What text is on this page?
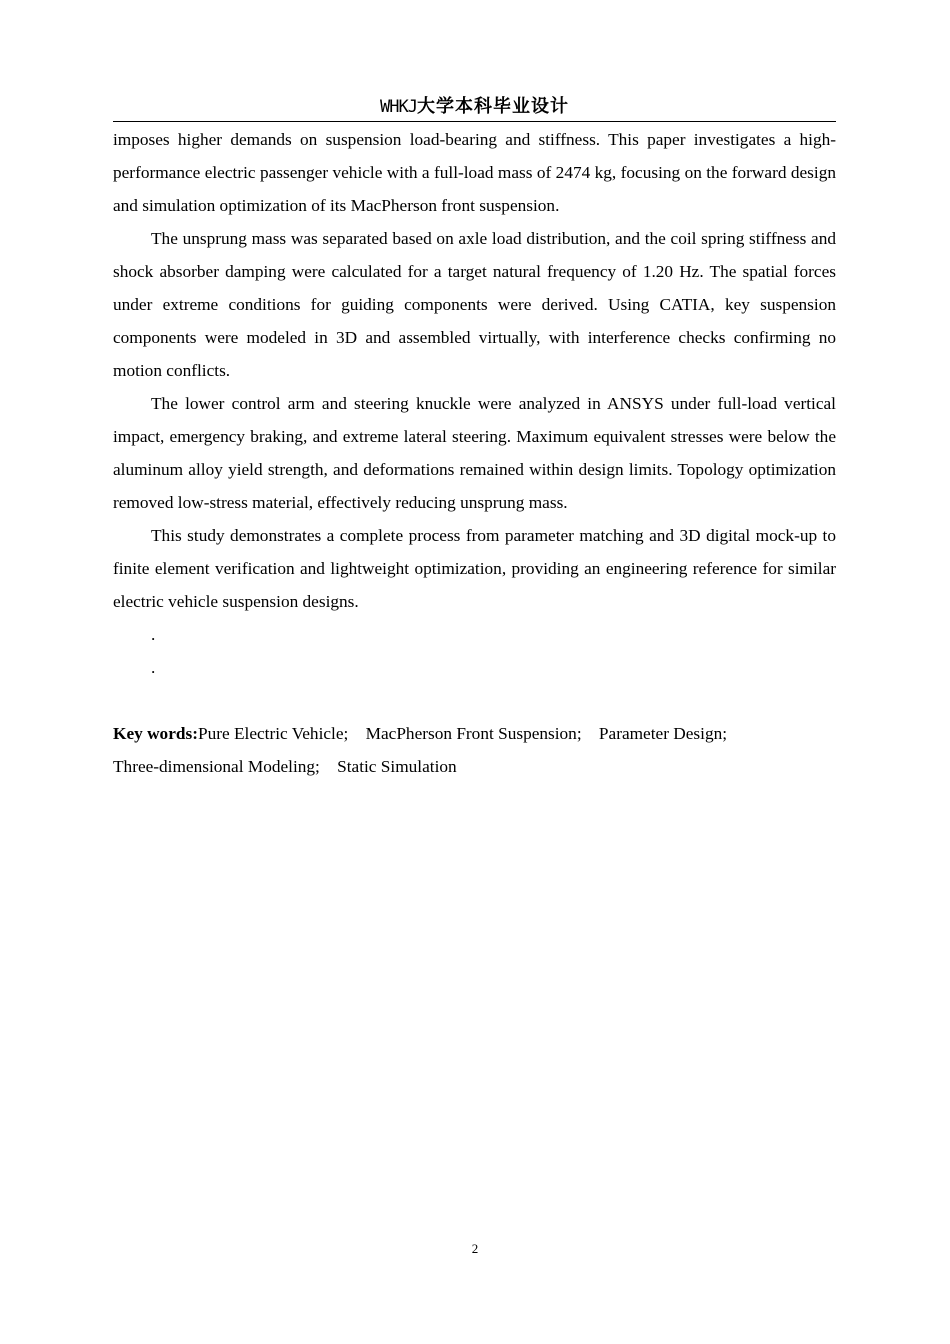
WHKJ大学本科毕业设计

imposes higher demands on suspension load-bearing and stiffness. This paper investigates a high-performance electric passenger vehicle with a full-load mass of 2474 kg, focusing on the forward design and simulation optimization of its MacPherson front suspension.

The unsprung mass was separated based on axle load distribution, and the coil spring stiffness and shock absorber damping were calculated for a target natural frequency of 1.20 Hz. The spatial forces under extreme conditions for guiding components were derived. Using CATIA, key suspension components were modeled in 3D and assembled virtually, with interference checks confirming no motion conflicts.

The lower control arm and steering knuckle were analyzed in ANSYS under full-load vertical impact, emergency braking, and extreme lateral steering. Maximum equivalent stresses were below the aluminum alloy yield strength, and deformations remained within design limits. Topology optimization removed low-stress material, effectively reducing unsprung mass.

This study demonstrates a complete process from parameter matching and 3D digital mock-up to finite element verification and lightweight optimization, providing an engineering reference for similar electric vehicle suspension designs.

.

.

Key words:Pure Electric Vehicle; MacPherson Front Suspension; Parameter Design;
Three-dimensional Modeling; Static Simulation
2
